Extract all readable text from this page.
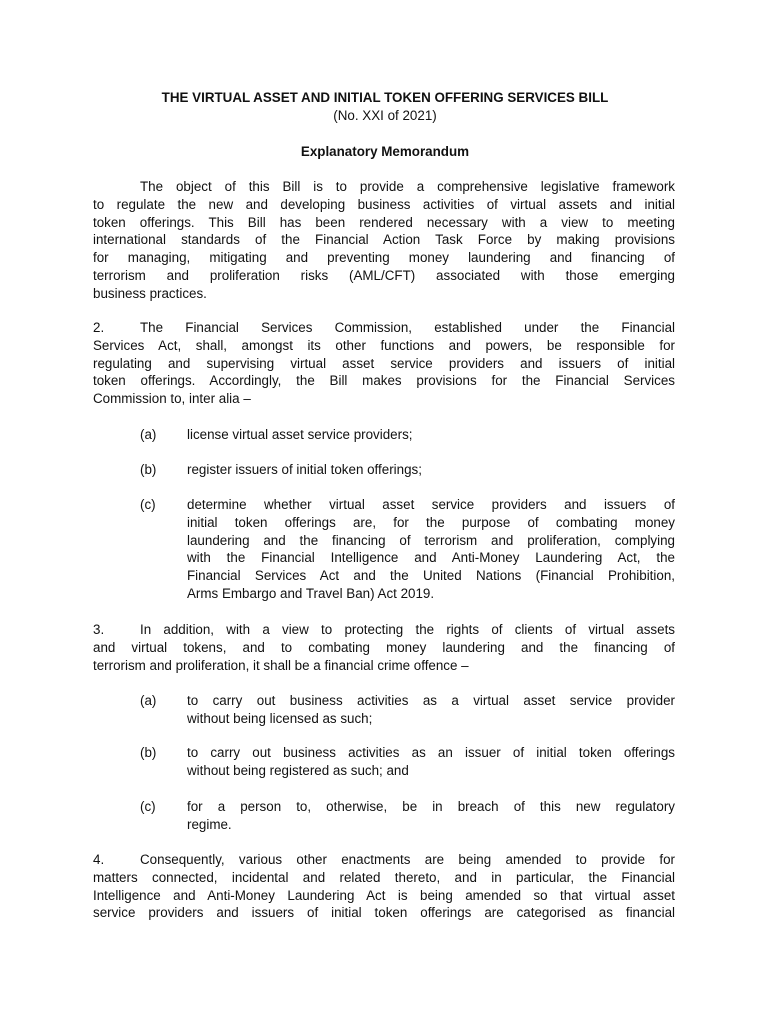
THE VIRTUAL ASSET AND INITIAL TOKEN OFFERING SERVICES BILL
(No. XXI of 2021)
Explanatory Memorandum
The object of this Bill is to provide a comprehensive legislative framework
to regulate the new and developing business activities of virtual assets and initial
token offerings. This Bill has been rendered necessary with a view to meeting
international standards of the Financial Action Task Force by making provisions
for managing, mitigating and preventing money laundering and financing of
terrorism and proliferation risks (AML/CFT) associated with those emerging
business practices.
2.	The Financial Services Commission, established under the Financial
Services Act, shall, amongst its other functions and powers, be responsible for
regulating and supervising virtual asset service providers and issuers of initial
token offerings. Accordingly, the Bill makes provisions for the Financial Services
Commission to, inter alia –
(a) license virtual asset service providers;
(b) register issuers of initial token offerings;
(c) determine whether virtual asset service providers and issuers of
initial token offerings are, for the purpose of combating money
laundering and the financing of terrorism and proliferation, complying
with the Financial Intelligence and Anti-Money Laundering Act, the
Financial Services Act and the United Nations (Financial Prohibition,
Arms Embargo and Travel Ban) Act 2019.
3.	In addition, with a view to protecting the rights of clients of virtual assets
and virtual tokens, and to combating money laundering and the financing of
terrorism and proliferation, it shall be a financial crime offence –
(a) to carry out business activities as a virtual asset service provider
without being licensed as such;
(b) to carry out business activities as an issuer of initial token offerings
without being registered as such; and
(c) for a person to, otherwise, be in breach of this new regulatory
regime.
4.	Consequently, various other enactments are being amended to provide for
matters connected, incidental and related thereto, and in particular, the Financial
Intelligence and Anti-Money Laundering Act is being amended so that virtual asset
service providers and issuers of initial token offerings are categorised as financial
